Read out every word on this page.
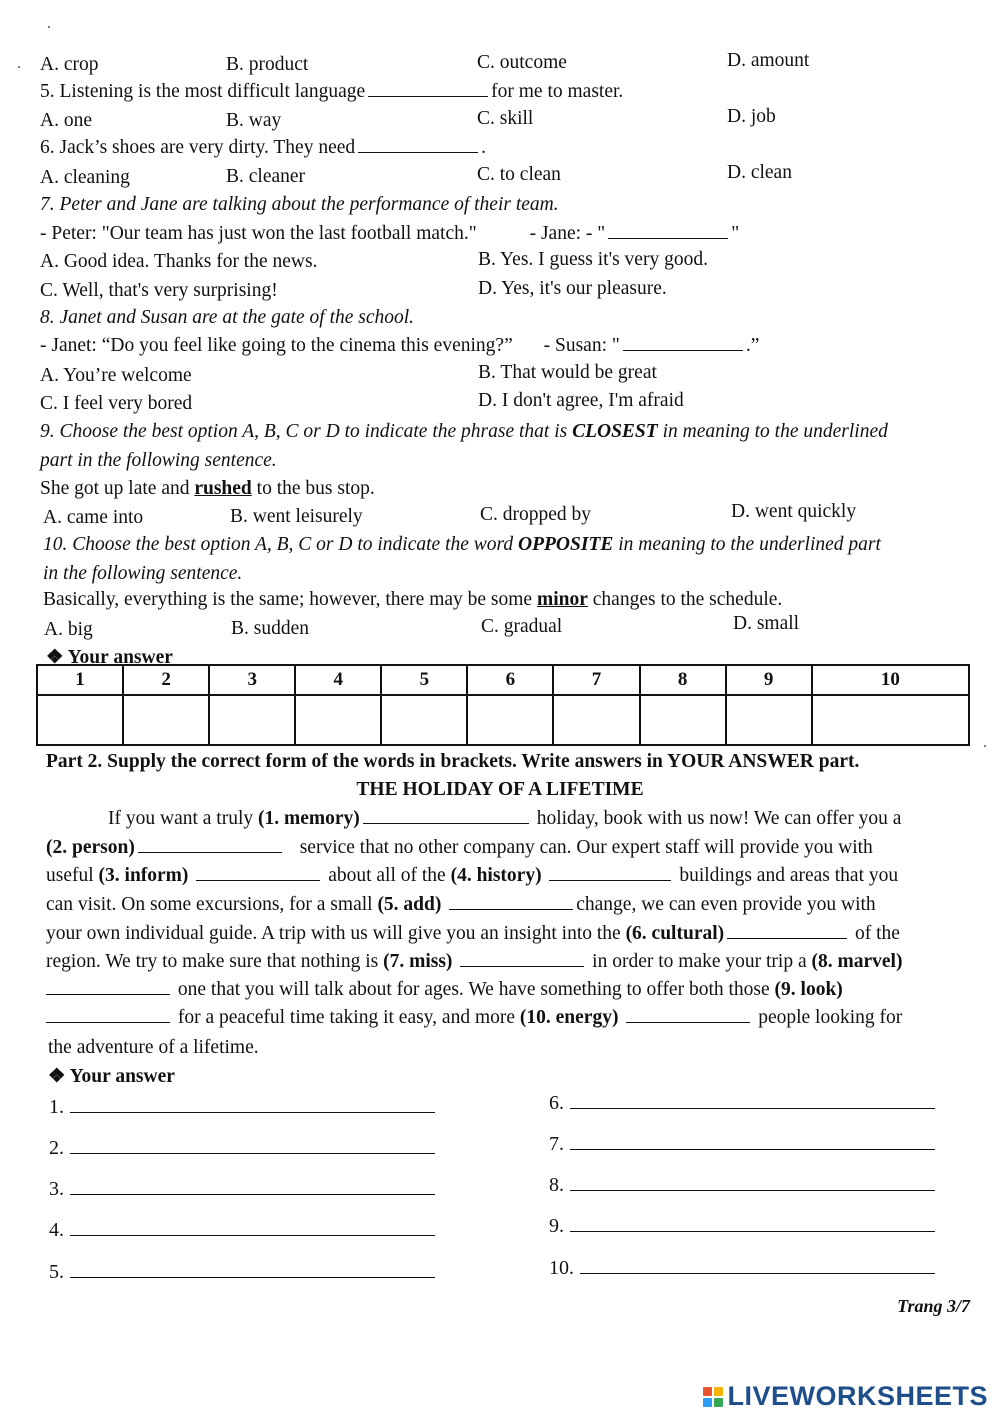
A. crop	B. product	C. outcome	D. amount
5. Listening is the most difficult language	for me to master.
A. one	B. way	C. skill	D. job
6. Jack’s shoes are very dirty. They need	.
A. cleaning	B. cleaner	C. to clean	D. clean
7. Peter and Jane are talking about the performance of their team.
- Peter: "Our team has just won the last football match."	- Jane: - "	"
A. Good idea. Thanks for the news.	B. Yes. I guess it's very good.
C. Well, that's very surprising!	D. Yes, it's our pleasure.
8. Janet and Susan are at the gate of the school.
- Janet: “Do you feel like going to the cinema this evening?” - Susan: "	.”
A. You’re welcome	B. That would be great
C. I feel very bored	D. I don't agree, I'm afraid
9. Choose the best option A, B, C or D to indicate the phrase that is CLOSEST in meaning to the underlined
part in the following sentence.
She got up late and rushed to the bus stop.
A. came into	B. went leisurely	C. dropped by	D. went quickly
10. Choose the best option A, B, C or D to indicate the word OPPOSITE in meaning to the underlined part
in the following sentence.
Basically, everything is the same; however, there may be some minor changes to the schedule.
A. big	B. sudden	C. gradual	D. small
❖ Your answer
1	2	3	4	5	6	7	8	9	10

Part 2. Supply the correct form of the words in brackets. Write answers in YOUR ANSWER part.
THE HOLIDAY OF A LIFETIME
If you want a truly (1. memory)	holiday, book with us now! We can offer you a
(2. person)	service that no other company can. Our expert staff will provide you with
useful (3. inform)	about all of the (4. history)	buildings and areas that you
can visit. On some excursions, for a small (5. add)	change, we can even provide you with
your own individual guide. A trip with us will give you an insight into the (6. cultural)	of the
region. We try to make sure that nothing is (7. miss)	in order to make your trip a (8. marvel)
one that you will talk about for ages. We have something to offer both those (9. look)
for a peaceful time taking it easy, and more (10. energy)	people looking for
the adventure of a lifetime.
❖ Your answer
1.
2.
3.
4.
5.
6.
7.
8.
9.
10.
Trang 3/7
LIVEWORKSHEETS
